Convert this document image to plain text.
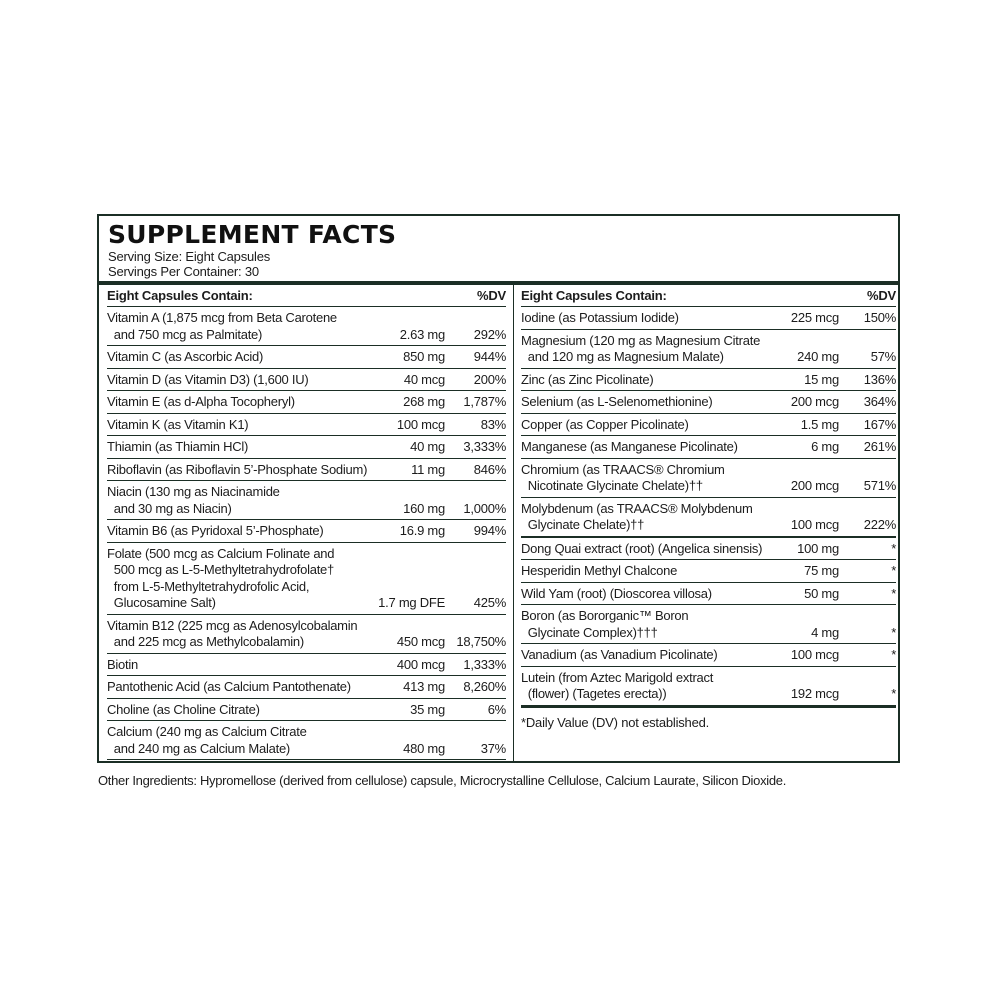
SUPPLEMENT FACTS
Serving Size: Eight Capsules
Servings Per Container: 30
Eight Capsules Contain:	%DV
Vitamin A (1,875 mcg from Beta Carotene
and 750 mcg as Palmitate)	2.63 mg 292%
Vitamin C (as Ascorbic Acid)	850 mg 944%
Vitamin D (as Vitamin D3) (1,600 IU)	40 mcg 200%
Vitamin E (as d-Alpha Tocopheryl)	268 mg 1,787%
Vitamin K (as Vitamin K1)	100 mcg	83%
Thiamin (as Thiamin HCl)	40 mg 3,333%
Riboflavin (as Riboflavin 5’-Phosphate Sodium)	11 mg 846%
Niacin (130 mg as Niacinamide
and 30 mg as Niacin)	160 mg 1,000%
Vitamin B6 (as Pyridoxal 5’-Phosphate)	16.9 mg 994%
Folate (500 mcg as Calcium Folinate and
500 mcg as L-5-Methyltetrahydrofolate†
from L-5-Methyltetrahydrofolic Acid,
Glucosamine Salt)	1.7 mg DFE 425%
Vitamin B12 (225 mcg as Adenosylcobalamin
and 225 mcg as Methylcobalamin)	450 mcg 18,750%
Biotin	400 mcg 1,333%
Pantothenic Acid (as Calcium Pantothenate)	413 mg 8,260%
Choline (as Choline Citrate)	35 mg	6%
Calcium (240 mg as Calcium Citrate
and 240 mg as Calcium Malate)	480 mg	37%
Eight Capsules Contain:	%DV
Iodine (as Potassium Iodide)	225 mcg 150%
Magnesium (120 mg as Magnesium Citrate
and 120 mg as Magnesium Malate)	240 mg 57%
Zinc (as Zinc Picolinate)	15 mg 136%
Selenium (as L-Selenomethionine)	200 mcg 364%
Copper (as Copper Picolinate)	1.5 mg 167%
Manganese (as Manganese Picolinate)	6 mg 261%
Chromium (as TRAACS® Chromium
Nicotinate Glycinate Chelate)††	200 mcg 571%
Molybdenum (as TRAACS® Molybdenum
Glycinate Chelate)††	100 mcg 222%
Dong Quai extract (root) (Angelica sinensis)	100 mg	*
Hesperidin Methyl Chalcone	75 mg	*
Wild Yam (root) (Dioscorea villosa)	50 mg	*
Boron (as Bororganic™ Boron
Glycinate Complex)†††	4 mg	*
Vanadium (as Vanadium Picolinate)	100 mcg	*
Lutein (from Aztec Marigold extract
(flower) (Tagetes erecta))	192 mcg	*
*Daily Value (DV) not established.
Other Ingredients: Hypromellose (derived from cellulose) capsule, Microcrystalline Cellulose, Calcium Laurate, Silicon Dioxide.
